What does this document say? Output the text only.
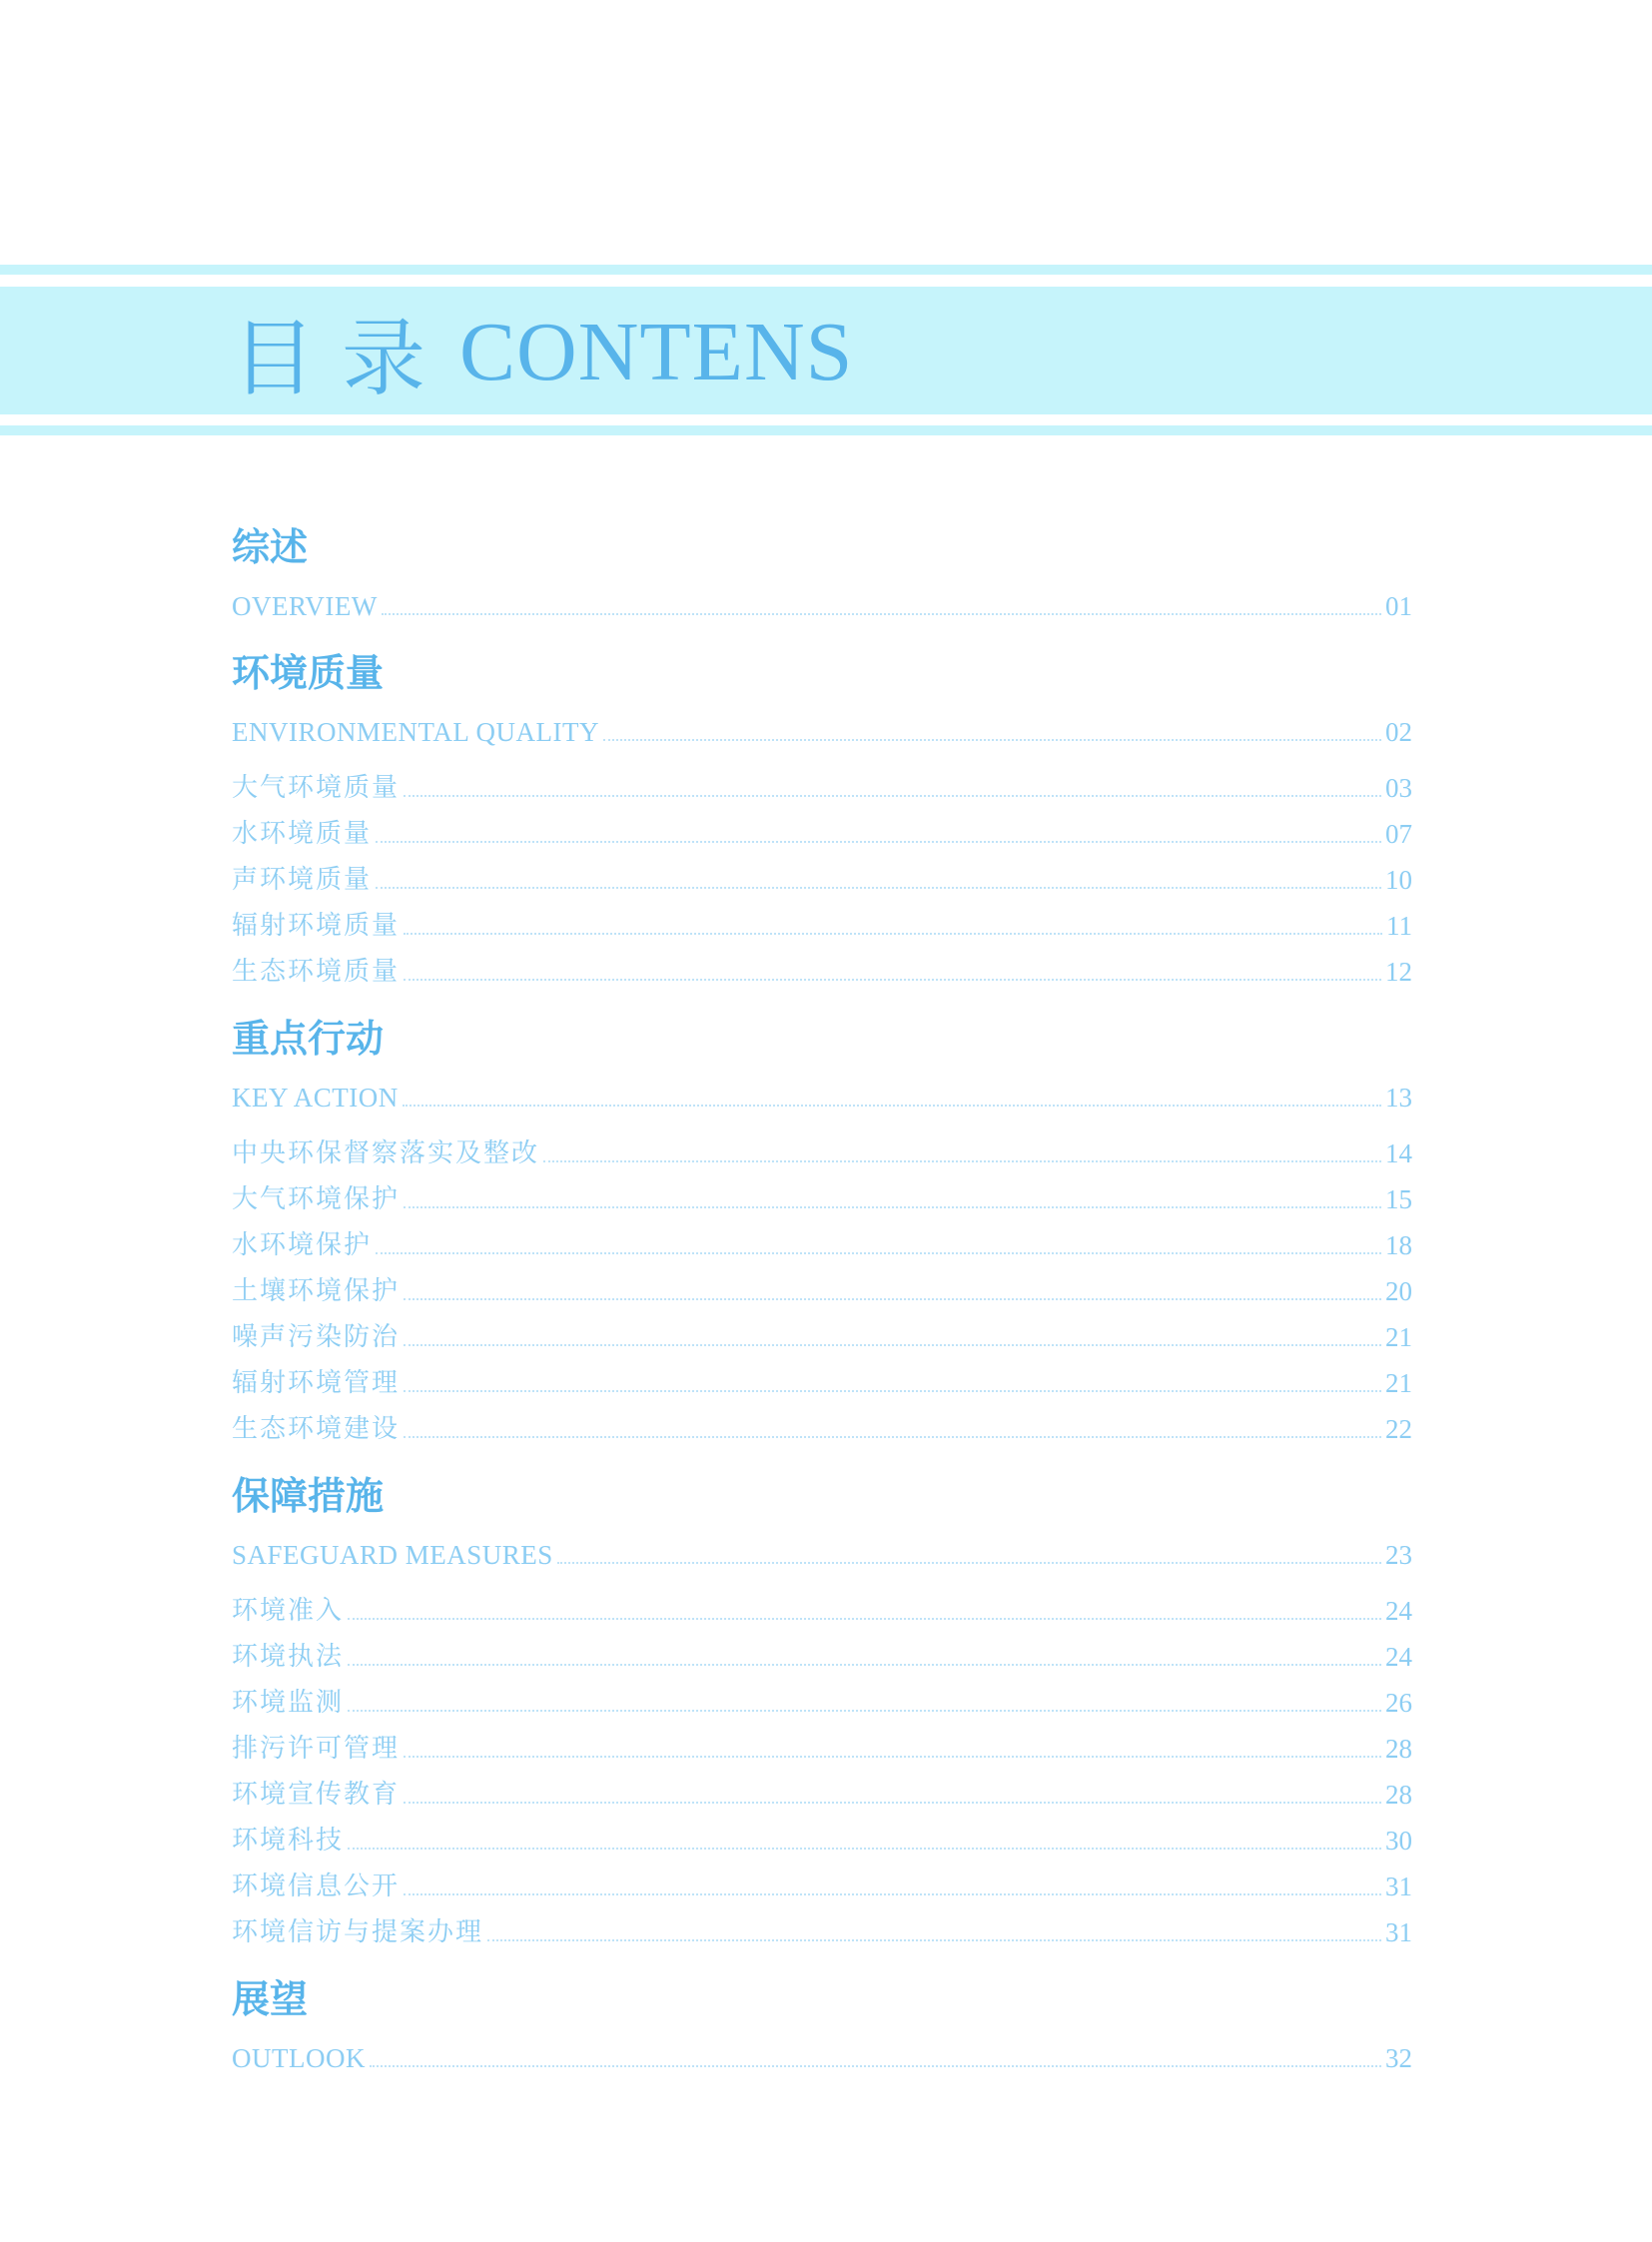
目录 CONTENS
综述
OVERVIEW	01
环境质量
ENVIRONMENTAL QUALITY	02
大气环境质量	03
水环境质量	07
声环境质量	10
辐射环境质量	11
生态环境质量	12
重点行动
KEY ACTION	13
中央环保督察落实及整改	14
大气环境保护	15
水环境保护	18
土壤环境保护	20
噪声污染防治	21
辐射环境管理	21
生态环境建设	22
保障措施
SAFEGUARD MEASURES	23
环境准入	24
环境执法	24
环境监测	26
排污许可管理	28
环境宣传教育	28
环境科技	30
环境信息公开	31
环境信访与提案办理	31
展望
OUTLOOK	32
